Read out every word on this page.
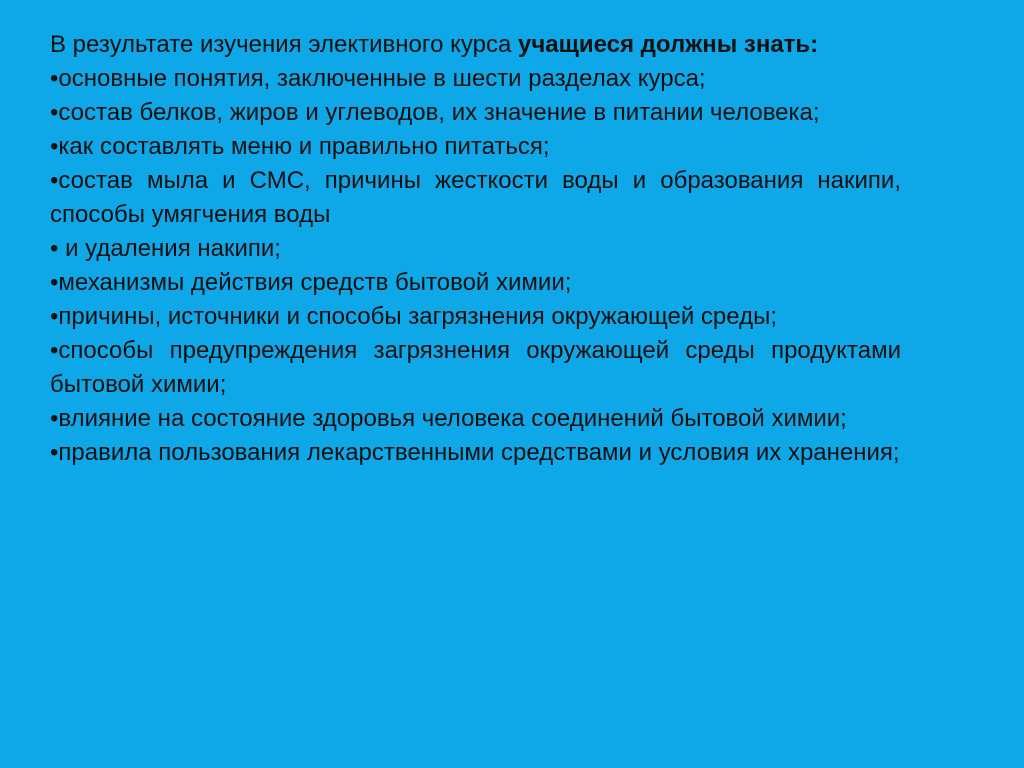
В результате изучения элективного курса учащиеся должны знать:

•основные понятия, заключенные в шести разделах курса;

•состав белков, жиров и углеводов, их значение в питании человека;

•как составлять меню и правильно питаться;

•состав мыла и СМС, причины жесткости воды и образования накипи, способы умягчения воды

• и удаления накипи;

•механизмы действия средств бытовой химии;

•причины, источники и способы загрязнения окружающей среды;

•способы предупреждения загрязнения окружающей среды продуктами бытовой химии;

•влияние на состояние здоровья человека соединений бытовой химии;

•правила пользования лекарственными средствами и условия их хранения;
